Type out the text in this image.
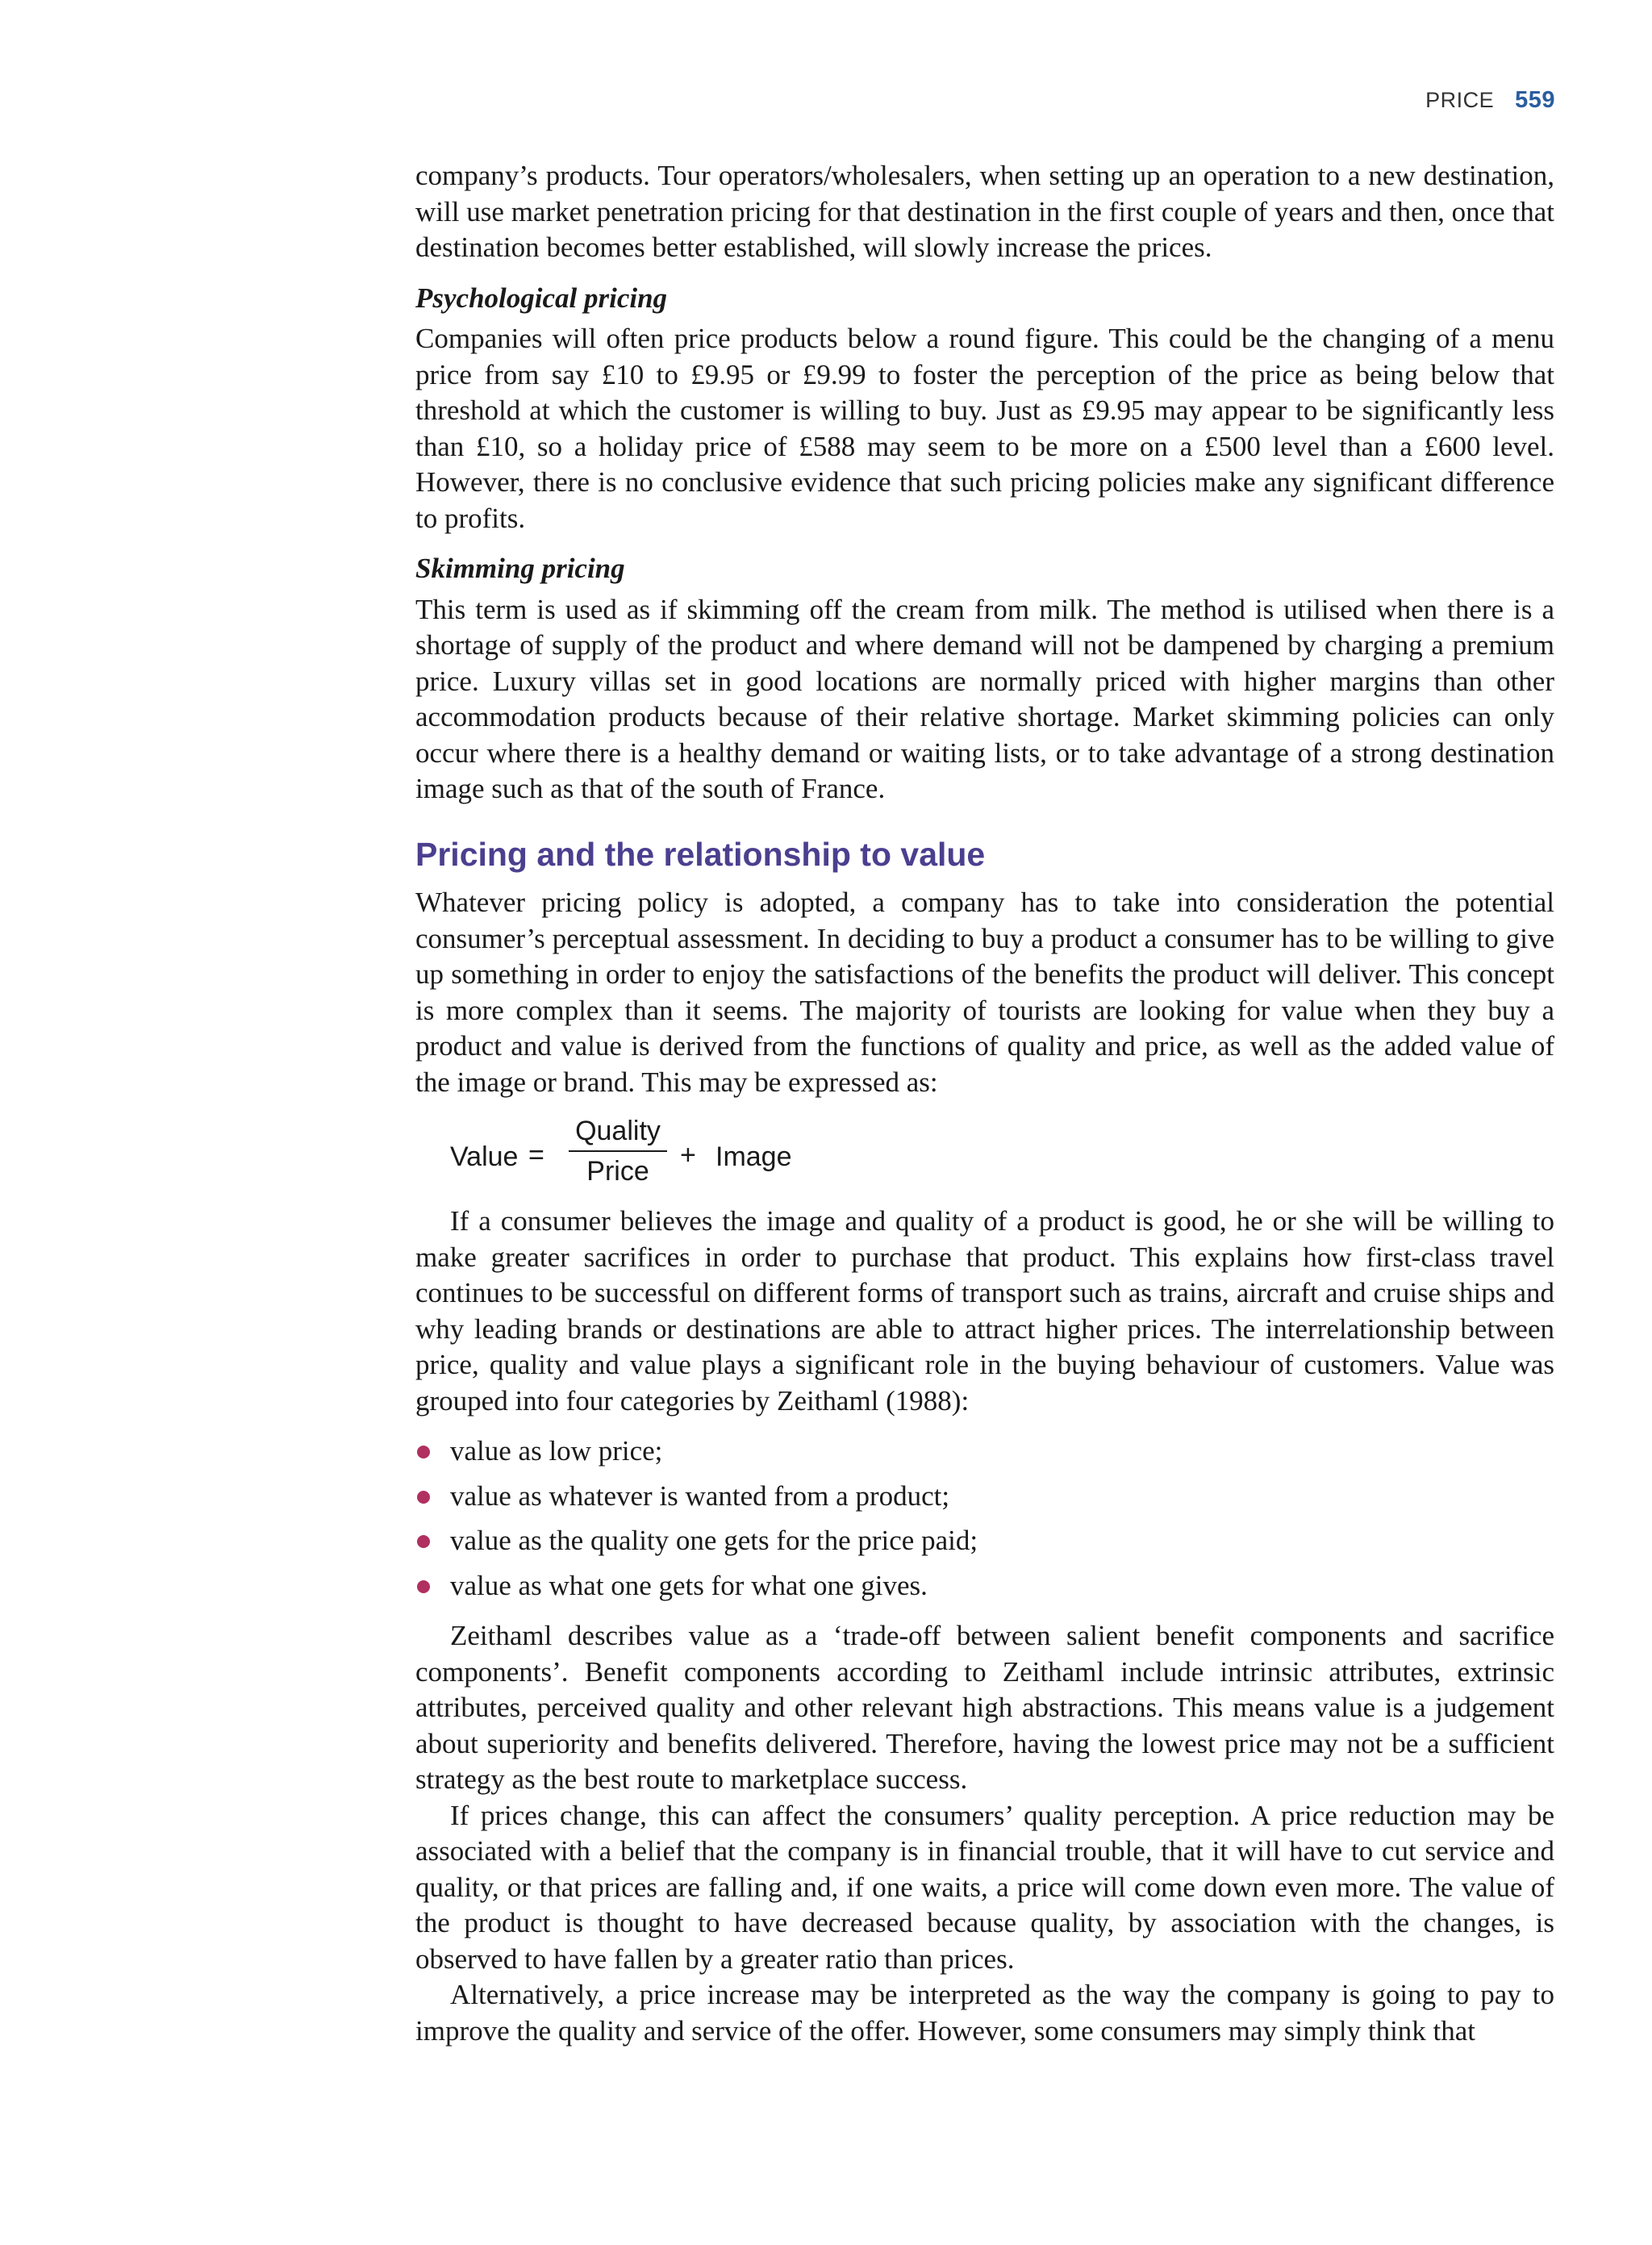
PRICE 559

company’s products. Tour operators/wholesalers, when setting up an operation to a new destination, will use market penetration pricing for that destination in the first couple of years and then, once that destination becomes better established, will slowly increase the prices.

Psychological pricing

Companies will often price products below a round figure. This could be the changing of a menu price from say £10 to £9.95 or £9.99 to foster the perception of the price as being below that threshold at which the customer is willing to buy. Just as £9.95 may appear to be significantly less than £10, so a holiday price of £588 may seem to be more on a £500 level than a £600 level. However, there is no conclusive evidence that such pricing policies make any significant difference to profits.

Skimming pricing

This term is used as if skimming off the cream from milk. The method is utilised when there is a shortage of supply of the product and where demand will not be dampened by charging a premium price. Luxury villas set in good locations are normally priced with higher margins than other accommodation products because of their relative shortage. Market skimming policies can only occur where there is a healthy demand or waiting lists, or to take advantage of a strong destination image such as that of the south of France.

Pricing and the relationship to value

Whatever pricing policy is adopted, a company has to take into consideration the potential consumer’s perceptual assessment. In deciding to buy a product a consumer has to be willing to give up something in order to enjoy the satisfactions of the benefits the product will deliver. This concept is more complex than it seems. The majority of tourists are looking for value when they buy a product and value is derived from the functions of quality and price, as well as the added value of the image or brand. This may be expressed as:

Value =
Quality
Price
+ Image

If a consumer believes the image and quality of a product is good, he or she will be willing to make greater sacrifices in order to purchase that product. This explains how first-class travel continues to be successful on different forms of transport such as trains, aircraft and cruise ships and why leading brands or destinations are able to attract higher prices. The interrelationship between price, quality and value plays a significant role in the buying behaviour of customers. Value was grouped into four categories by Zeithaml (1988):

value as low price;
value as whatever is wanted from a product;
value as the quality one gets for the price paid;
value as what one gets for what one gives.

Zeithaml describes value as a ‘trade-off between salient benefit components and sacrifice components’. Benefit components according to Zeithaml include intrinsic attributes, extrinsic attributes, perceived quality and other relevant high abstractions. This means value is a judgement about superiority and benefits delivered. Therefore, having the lowest price may not be a sufficient strategy as the best route to marketplace success.

If prices change, this can affect the consumers’ quality perception. A price reduction may be associated with a belief that the company is in financial trouble, that it will have to cut service and quality, or that prices are falling and, if one waits, a price will come down even more. The value of the product is thought to have decreased because quality, by association with the changes, is observed to have fallen by a greater ratio than prices.

Alternatively, a price increase may be interpreted as the way the company is going to pay to improve the quality and service of the offer. However, some consumers may simply think that
